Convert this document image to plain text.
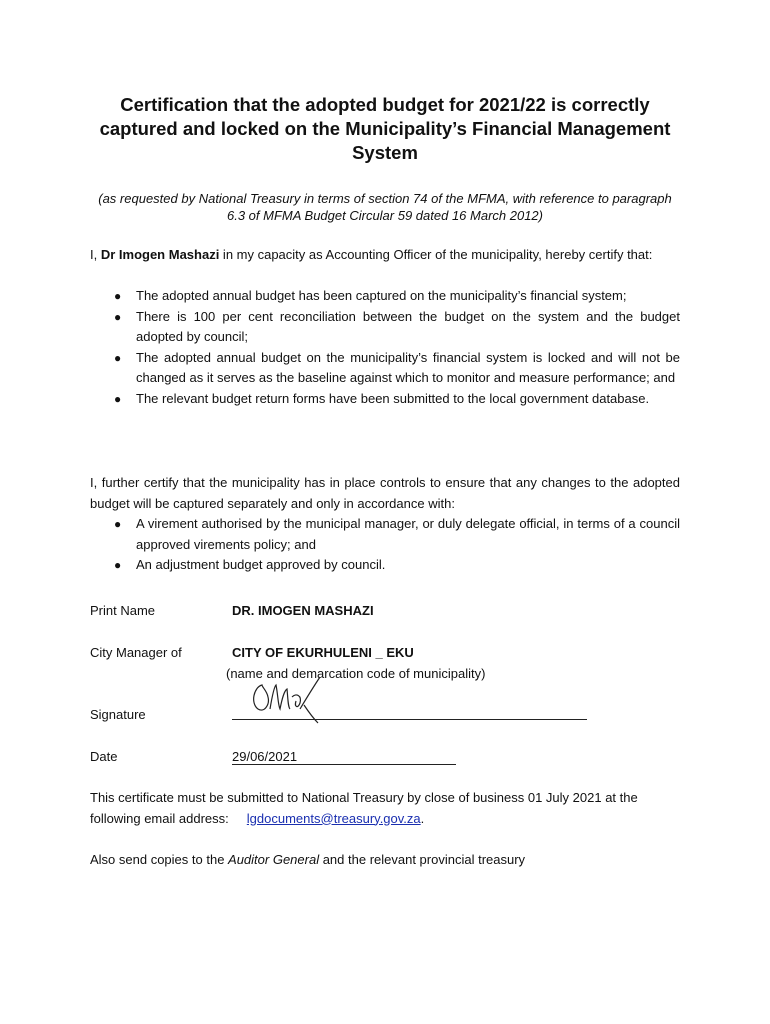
Certification that the adopted budget for 2021/22 is correctly captured and locked on the Municipality’s Financial Management System
(as requested by National Treasury in terms of section 74 of the MFMA, with reference to paragraph 6.3 of MFMA Budget Circular 59 dated 16 March 2012)
I, Dr Imogen Mashazi in my capacity as Accounting Officer of the municipality, hereby certify that:
● The adopted annual budget has been captured on the municipality’s financial system;
● There is 100 per cent reconciliation between the budget on the system and the budget adopted by council;
● The adopted annual budget on the municipality’s financial system is locked and will not be changed as it serves as the baseline against which to monitor and measure performance; and
● The relevant budget return forms have been submitted to the local government database.
I, further certify that the municipality has in place controls to ensure that any changes to the adopted budget will be captured separately and only in accordance with:
● A virement authorised by the municipal manager, or duly delegate official, in terms of a council approved virements policy; and
● An adjustment budget approved by council.
Print Name	DR. IMOGEN MASHAZI
City Manager of	CITY OF EKURHULENI _ EKU
(name and demarcation code of municipality)
Signature
Date	29/06/2021
This certificate must be submitted to National Treasury by close of business 01 July 2021 at the following email address: lgdocuments@treasury.gov.za.
Also send copies to the Auditor General and the relevant provincial treasury
